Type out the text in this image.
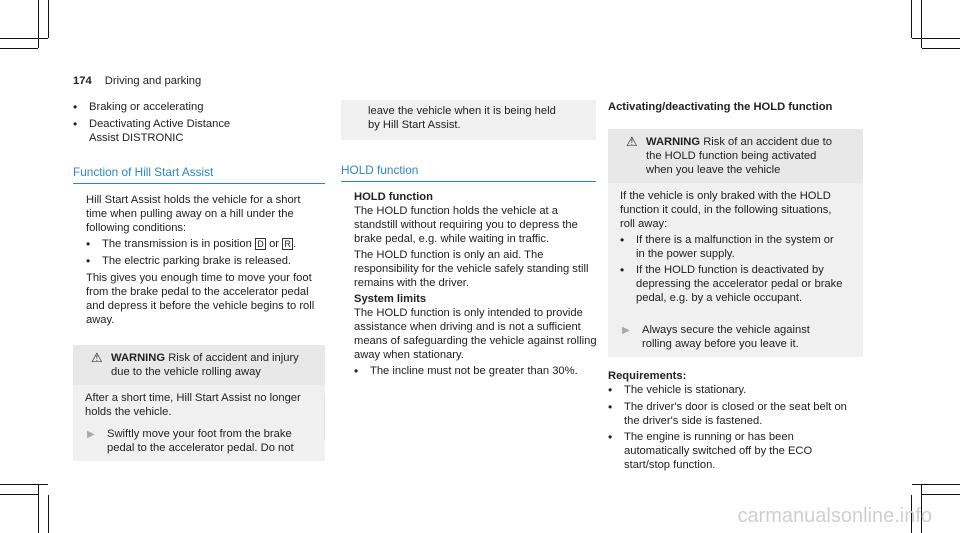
174 Driving and parking
•
Braking or accelerating
•
Deactivating Active Distance Assist DISTRONIC
Function of Hill Start Assist

Hill Start Assist holds the vehicle for a short time when pulling away on a hill under the following conditions:

•
The transmission is in position D or R .
•
The electric parking brake is released.

This gives you enough time to move your foot from the brake pedal to the accelerator pedal and depress it before the vehicle begins to roll away.

⚠ WARNING Risk of accident and injury due to the vehicle rolling away

After a short time, Hill Start Assist no longer holds the vehicle.

▶	Swiftly move your foot from the brake pedal to the accelerator pedal. Do not
leave the vehicle when it is being held by Hill Start Assist.
HOLD function
HOLD function

The HOLD function holds the vehicle at a standstill without requiring you to depress the brake pedal, e.g. while waiting in traffic.

The HOLD function is only an aid. The responsibility for the vehicle safely standing still remains with the driver.

System limits

The HOLD function is only intended to provide assistance when driving and is not a sufficient means of safeguarding the vehicle against rolling away when stationary.

•
The incline must not be greater than 30%.
Activating/deactivating the HOLD function
⚠ WARNING Risk of an accident due to the HOLD function being activated when you leave the vehicle

If the vehicle is only braked with the HOLD function it could, in the following situations, roll away:

•
If there is a malfunction in the system or in the power supply.
•
If the HOLD function is deactivated by depressing the accelerator pedal or brake pedal, e.g. by a vehicle occupant.
▶	Always secure the vehicle against rolling away before you leave it.
Requirements:
•
The vehicle is stationary.
•
The driver's door is closed or the seat belt on the driver's side is fastened.
•
The engine is running or has been automatically switched off by the ECO start/stop function.
carmanualsonline.info
